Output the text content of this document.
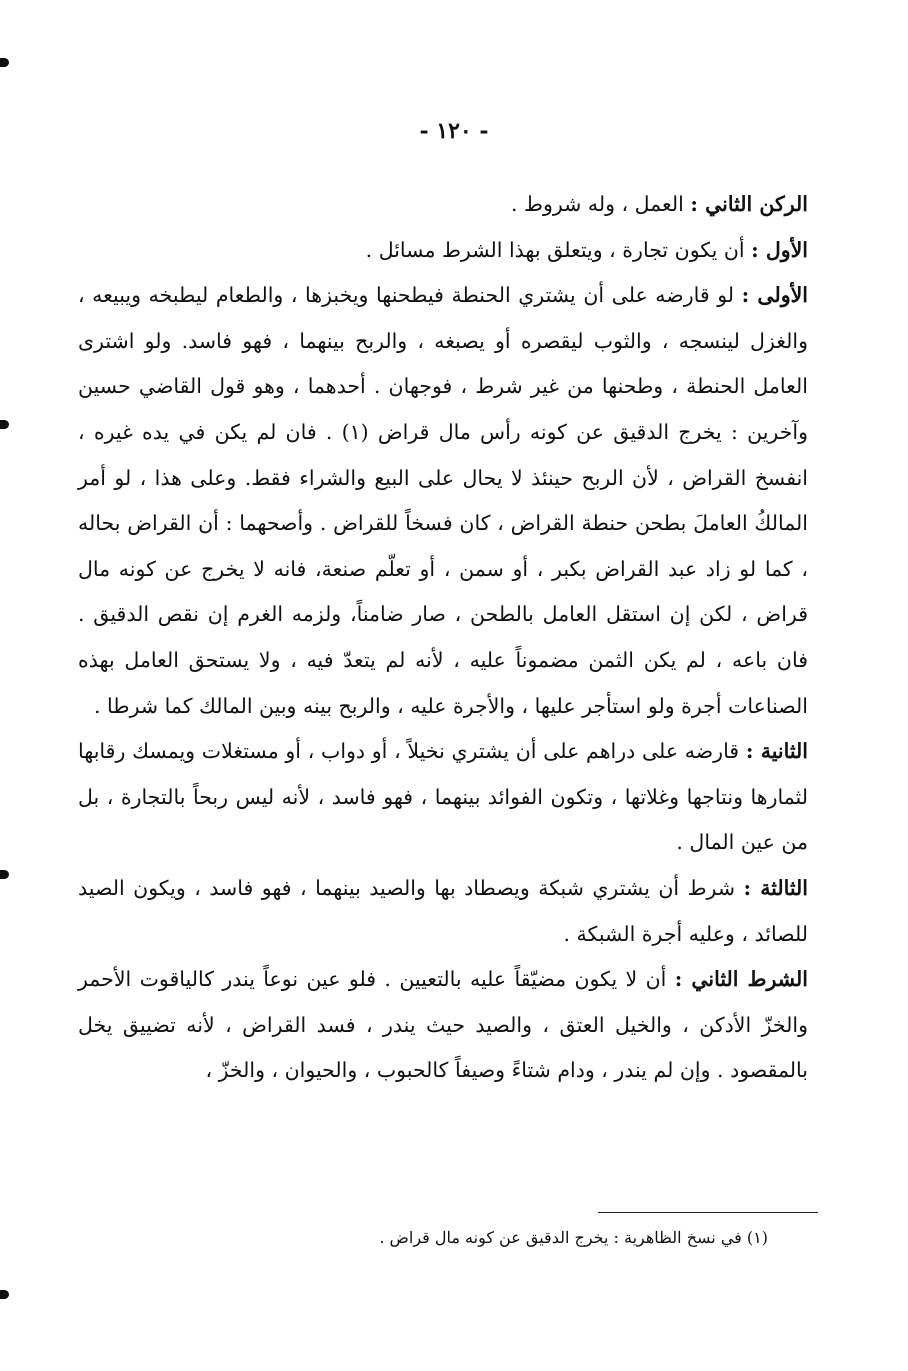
- ١٢٠ -

الركن الثاني : العمل ، وله شروط .

الأول : أن يكون تجارة ، ويتعلق بهذا الشرط مسائل .

الأولى : لو قارضه على أن يشتري الحنطة فيطحنها ويخبزها ، والطعام ليطبخه ويبيعه ، والغزل لينسجه ، والثوب ليقصره أو يصبغه ، والربح بينهما ، فهو فاسد. ولو اشترى العامل الحنطة ، وطحنها من غير شرط ، فوجهان . أحدهما ، وهو قول القاضي حسين وآخرين : يخرج الدقيق عن كونه رأس مال قراض (١) . فان لم يكن في يده غيره ، انفسخ القراض ، لأن الربح حينئذ لا يحال على البيع والشراء فقط. وعلى هذا ، لو أمر المالكُ العاملَ بطحن حنطة القراض ، كان فسخاً للقراض . وأصحهما : أن القراض بحاله ، كما لو زاد عبد القراض بكبر ، أو سمن ، أو تعلّم صنعة، فانه لا يخرج عن كونه مال قراض ، لكن إن استقل العامل بالطحن ، صار ضامناً، ولزمه الغرم إن نقص الدقيق . فان باعه ، لم يكن الثمن مضموناً عليه ، لأنه لم يتعدّ فيه ، ولا يستحق العامل بهذه الصناعات أجرة ولو استأجر عليها ، والأجرة عليه ، والربح بينه وبين المالك كما شرطا .

الثانية : قارضه على دراهم على أن يشتري نخيلاً ، أو دواب ، أو مستغلات ويمسك رقابها لثمارها ونتاجها وغلاتها ، وتكون الفوائد بينهما ، فهو فاسد ، لأنه ليس ربحاً بالتجارة ، بل من عين المال .

الثالثة : شرط أن يشتري شبكة ويصطاد بها والصيد بينهما ، فهو فاسد ، ويكون الصيد للصائد ، وعليه أجرة الشبكة .

الشرط الثاني : أن لا يكون مضيّقاً عليه بالتعيين . فلو عين نوعاً يندر كالياقوت الأحمر والخزّ الأدكن ، والخيل العتق ، والصيد حيث يندر ، فسد القراض ، لأنه تضييق يخل بالمقصود . وإن لم يندر ، ودام شتاءً وصيفاً كالحبوب ، والحيوان ، والخزّ ،

(١) في نسخ الظاهرية : يخرج الدقيق عن كونه مال قراض .
